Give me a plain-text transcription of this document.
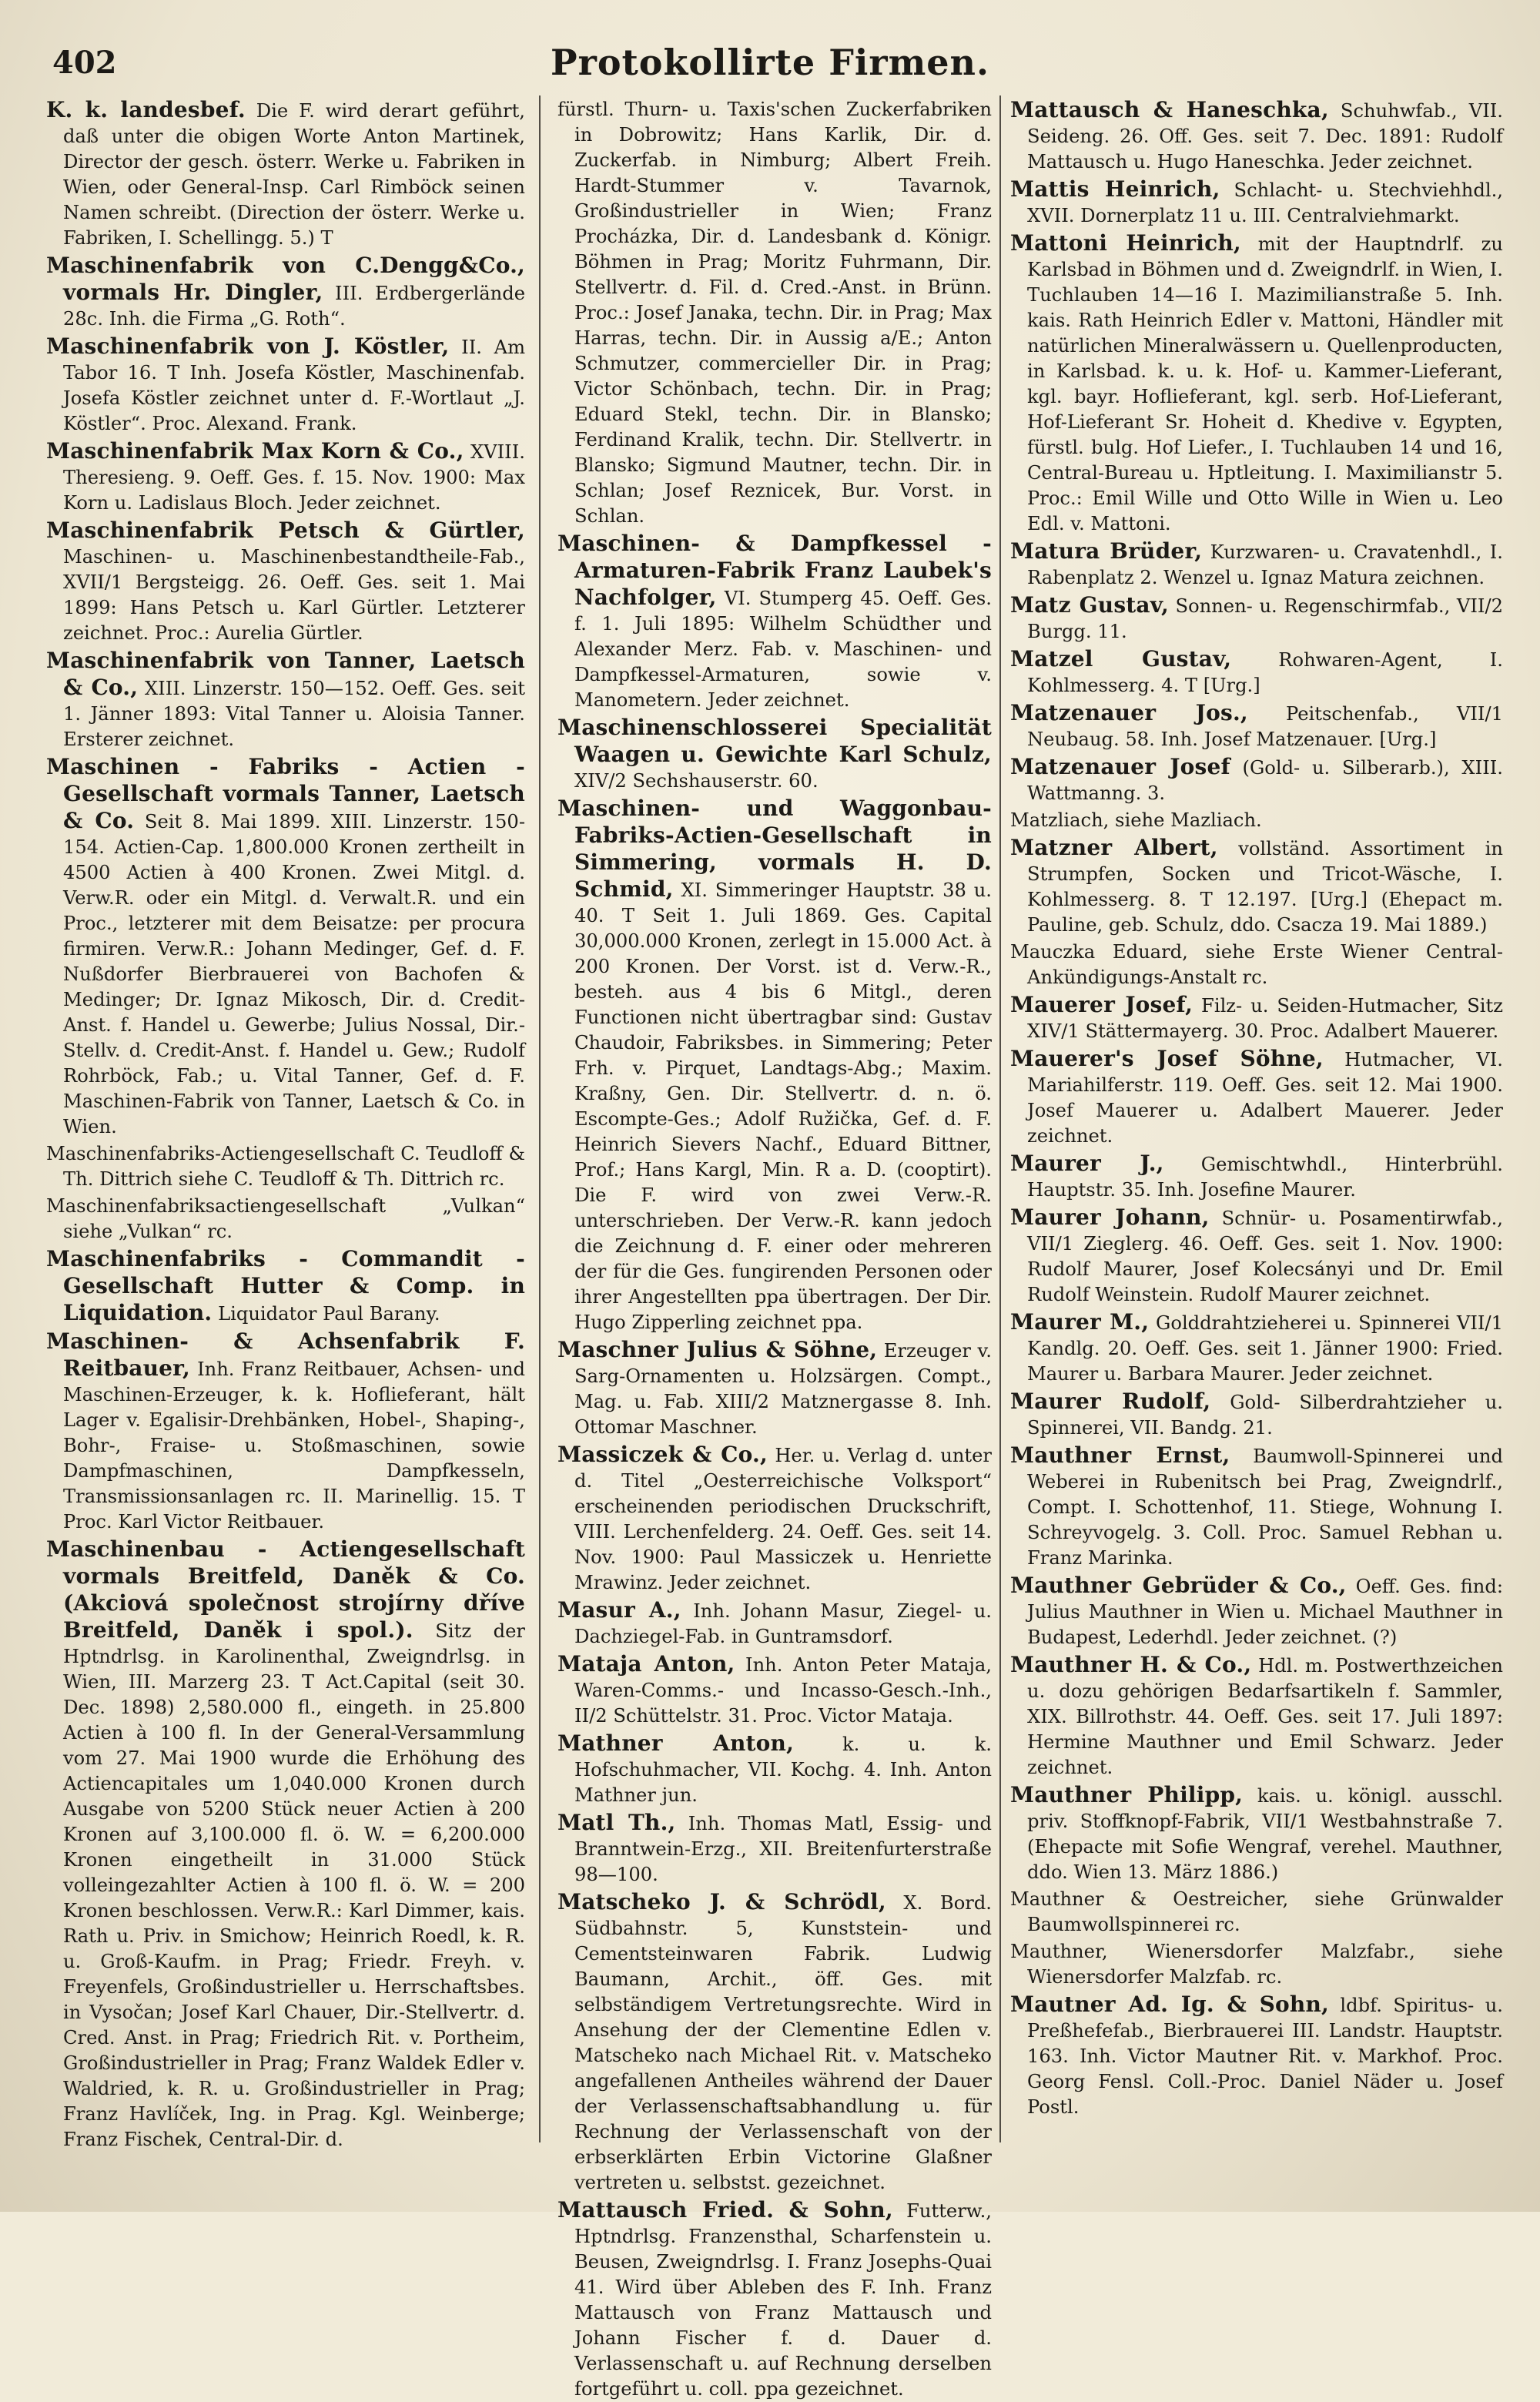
402	Protokollirte Firmen.

K. k. landesbef. Die F. wird derart geführt, daß unter die obigen Worte Anton Martinek, Director der gesch. österr. Werke u. Fabriken in Wien, oder General-Insp. Carl Rimböck seinen Namen schreibt. (Direction der österr. Werke u. Fabriken, I. Schellingg. 5.) T

Maschinenfabrik von C.Dengg&Co., vormals Hr. Dingler, III. Erdbergerlände 28c. Inh. die Firma „G. Roth“.

Maschinenfabrik von J. Köstler, II. Am Tabor 16. T Inh. Josefa Köstler, Maschinenfab. Josefa Köstler zeichnet unter d. F.-Wortlaut „J. Köstler“. Proc. Alexand. Frank.

Maschinenfabrik Max Korn & Co., XVIII. Theresieng. 9. Oeff. Ges. f. 15. Nov. 1900: Max Korn u. Ladislaus Bloch. Jeder zeichnet.

Maschinenfabrik Petsch & Gürtler, Maschinen- u. Maschinenbestandtheile-Fab., XVII/1 Bergsteigg. 26. Oeff. Ges. seit 1. Mai 1899: Hans Petsch u. Karl Gürtler. Letzterer zeichnet. Proc.: Aurelia Gürtler.

Maschinenfabrik von Tanner, Laetsch & Co., XIII. Linzerstr. 150—152. Oeff. Ges. seit 1. Jänner 1893: Vital Tanner u. Aloisia Tanner. Ersterer zeichnet.

Maschinen - Fabriks - Actien - Gesellschaft vormals Tanner, Laetsch & Co. Seit 8. Mai 1899. XIII. Linzerstr. 150-154. Actien-Cap. 1,800.000 Kronen zertheilt in 4500 Actien à 400 Kronen. Zwei Mitgl. d. Verw.R. oder ein Mitgl. d. Verwalt.R. und ein Proc., letzterer mit dem Beisatze: per procura firmiren. Verw.R.: Johann Medinger, Gef. d. F. Nußdorfer Bierbrauerei von Bachofen & Medinger; Dr. Ignaz Mikosch, Dir. d. Credit-Anst. f. Handel u. Gewerbe; Julius Nossal, Dir.-Stellv. d. Credit-Anst. f. Handel u. Gew.; Rudolf Rohrböck, Fab.; u. Vital Tanner, Gef. d. F. Maschinen-Fabrik von Tanner, Laetsch & Co. in Wien.

Maschinenfabriks-Actiengesellschaft C. Teudloff & Th. Dittrich siehe C. Teudloff & Th. Dittrich rc.

Maschinenfabriksactiengesellschaft „Vulkan“ siehe „Vulkan“ rc.

Maschinenfabriks - Commandit - Gesellschaft Hutter & Comp. in Liquidation. Liquidator Paul Barany.

Maschinen- & Achsenfabrik F. Reitbauer, Inh. Franz Reitbauer, Achsen- und Maschinen-Erzeuger, k. k. Hoflieferant, hält Lager v. Egalisir-Drehbänken, Hobel-, Shaping-, Bohr-, Fraise- u. Stoßmaschinen, sowie Dampfmaschinen, Dampfkesseln, Transmissionsanlagen rc. II. Marinellig. 15. T Proc. Karl Victor Reitbauer.

Maschinenbau - Actiengesellschaft vormals Breitfeld, Daněk & Co. (Akciová společnost strojírny dříve Breitfeld, Daněk i spol.). Sitz der Hptndrlsg. in Karolinenthal, Zweigndrlsg. in Wien, III. Marzerg 23. T Act.Capital (seit 30. Dec. 1898) 2,580.000 fl., eingeth. in 25.800 Actien à 100 fl. In der General-Versammlung vom 27. Mai 1900 wurde die Erhöhung des Actiencapitales um 1,040.000 Kronen durch Ausgabe von 5200 Stück neuer Actien à 200 Kronen auf 3,100.000 fl. ö. W. = 6,200.000 Kronen eingetheilt in 31.000 Stück volleingezahlter Actien à 100 fl. ö. W. = 200 Kronen beschlossen. Verw.R.: Karl Dimmer, kais. Rath u. Priv. in Smichow; Heinrich Roedl, k. R. u. Groß-Kaufm. in Prag; Friedr. Freyh. v. Freyenfels, Großindustrieller u. Herrschaftsbes. in Vysočan; Josef Karl Chauer, Dir.-Stellvertr. d. Cred. Anst. in Prag; Friedrich Rit. v. Portheim, Großindustrieller in Prag; Franz Waldek Edler v. Waldried, k. R. u. Großindustrieller in Prag; Franz Havlíček, Ing. in Prag. Kgl. Weinberge; Franz Fischek, Central-Dir. d.

fürstl. Thurn- u. Taxis'schen Zuckerfabriken in Dobrowitz; Hans Karlik, Dir. d. Zuckerfab. in Nimburg; Albert Freih. Hardt-Stummer v. Tavarnok, Großindustrieller in Wien; Franz Procházka, Dir. d. Landesbank d. Königr. Böhmen in Prag; Moritz Fuhrmann, Dir. Stellvertr. d. Fil. d. Cred.-Anst. in Brünn. Proc.: Josef Janaka, techn. Dir. in Prag; Max Harras, techn. Dir. in Aussig a/E.; Anton Schmutzer, commercieller Dir. in Prag; Victor Schönbach, techn. Dir. in Prag; Eduard Stekl, techn. Dir. in Blansko; Ferdinand Kralik, techn. Dir. Stellvertr. in Blansko; Sigmund Mautner, techn. Dir. in Schlan; Josef Reznicek, Bur. Vorst. in Schlan.

Maschinen- & Dampfkessel - Armaturen-Fabrik Franz Laubek's Nachfolger, VI. Stumperg 45. Oeff. Ges. f. 1. Juli 1895: Wilhelm Schüdther und Alexander Merz. Fab. v. Maschinen- und Dampfkessel-Armaturen, sowie v. Manometern. Jeder zeichnet.

Maschinenschlosserei Specialität Waagen u. Gewichte Karl Schulz, XIV/2 Sechshauserstr. 60.

Maschinen- und Waggonbau-Fabriks-Actien-Gesellschaft in Simmering, vormals H. D. Schmid, XI. Simmeringer Hauptstr. 38 u. 40. T Seit 1. Juli 1869. Ges. Capital 30,000.000 Kronen, zerlegt in 15.000 Act. à 200 Kronen. Der Vorst. ist d. Verw.-R., besteh. aus 4 bis 6 Mitgl., deren Functionen nicht übertragbar sind: Gustav Chaudoir, Fabriksbes. in Simmering; Peter Frh. v. Pirquet, Landtags-Abg.; Maxim. Kraßny, Gen. Dir. Stellvertr. d. n. ö. Escompte-Ges.; Adolf Ružička, Gef. d. F. Heinrich Sievers Nachf., Eduard Bittner, Prof.; Hans Kargl, Min. R a. D. (cooptirt). Die F. wird von zwei Verw.-R. unterschrieben. Der Verw.-R. kann jedoch die Zeichnung d. F. einer oder mehreren der für die Ges. fungirenden Personen oder ihrer Angestellten ppa übertragen. Der Dir. Hugo Zipperling zeichnet ppa.

Maschner Julius & Söhne, Erzeuger v. Sarg-Ornamenten u. Holzsärgen. Compt., Mag. u. Fab. XIII/2 Matznergasse 8. Inh. Ottomar Maschner.

Massiczek & Co., Her. u. Verlag d. unter d. Titel „Oesterreichische Volksport“ erscheinenden periodischen Druckschrift, VIII. Lerchenfelderg. 24. Oeff. Ges. seit 14. Nov. 1900: Paul Massiczek u. Henriette Mrawinz. Jeder zeichnet.

Masur A., Inh. Johann Masur, Ziegel- u. Dachziegel-Fab. in Guntramsdorf.

Mataja Anton, Inh. Anton Peter Mataja, Waren-Comms.- und Incasso-Gesch.-Inh., II/2 Schüttelstr. 31. Proc. Victor Mataja.

Mathner Anton, k. u. k. Hofschuhmacher, VII. Kochg. 4. Inh. Anton Mathner jun.

Matl Th., Inh. Thomas Matl, Essig- und Branntwein-Erzg., XII. Breitenfurterstraße 98—100.

Matscheko J. & Schrödl, X. Bord. Südbahnstr. 5, Kunststein- und Cementsteinwaren Fabrik. Ludwig Baumann, Archit., öff. Ges. mit selbständigem Vertretungsrechte. Wird in Ansehung der der Clementine Edlen v. Matscheko nach Michael Rit. v. Matscheko angefallenen Antheiles während der Dauer der Verlassenschaftsabhandlung u. für Rechnung der Verlassenschaft von der erbserklärten Erbin Victorine Glaßner vertreten u. selbstst. gezeichnet.

Mattausch Fried. & Sohn, Futterw., Hptndrlsg. Franzensthal, Scharfenstein u. Beusen, Zweigndrlsg. I. Franz Josephs-Quai 41. Wird über Ableben des F. Inh. Franz Mattausch von Franz Mattausch und Johann Fischer f. d. Dauer d. Verlassenschaft u. auf Rechnung derselben fortgeführt u. coll. ppa gezeichnet.

Mattausch & Haneschka, Schuhwfab., VII. Seideng. 26. Off. Ges. seit 7. Dec. 1891: Rudolf Mattausch u. Hugo Haneschka. Jeder zeichnet.

Mattis Heinrich, Schlacht- u. Stechviehhdl., XVII. Dornerplatz 11 u. III. Centralviehmarkt.

Mattoni Heinrich, mit der Hauptndrlf. zu Karlsbad in Böhmen und d. Zweigndrlf. in Wien, I. Tuchlauben 14—16 I. Mazimilianstraße 5. Inh. kais. Rath Heinrich Edler v. Mattoni, Händler mit natürlichen Mineralwässern u. Quellenproducten, in Karlsbad. k. u. k. Hof- u. Kammer-Lieferant, kgl. bayr. Hoflieferant, kgl. serb. Hof-Lieferant, Hof-Lieferant Sr. Hoheit d. Khedive v. Egypten, fürstl. bulg. Hof Liefer., I. Tuchlauben 14 und 16, Central-Bureau u. Hptleitung. I. Maximilianstr 5. Proc.: Emil Wille und Otto Wille in Wien u. Leo Edl. v. Mattoni.

Matura Brüder, Kurzwaren- u. Cravatenhdl., I. Rabenplatz 2. Wenzel u. Ignaz Matura zeichnen.

Matz Gustav, Sonnen- u. Regenschirmfab., VII/2 Burgg. 11.

Matzel Gustav, Rohwaren-Agent, I. Kohlmesserg. 4. T [Urg.]

Matzenauer Jos., Peitschenfab., VII/1 Neubaug. 58. Inh. Josef Matzenauer. [Urg.]

Matzenauer Josef (Gold- u. Silberarb.), XIII. Wattmanng. 3.

Matzliach, siehe Mazliach.

Matzner Albert, vollständ. Assortiment in Strumpfen, Socken und Tricot-Wäsche, I. Kohlmesserg. 8. T 12.197. [Urg.] (Ehepact m. Pauline, geb. Schulz, ddo. Csacza 19. Mai 1889.)

Mauczka Eduard, siehe Erste Wiener Central-Ankündigungs-Anstalt rc.

Mauerer Josef, Filz- u. Seiden-Hutmacher, Sitz XIV/1 Stättermayerg. 30. Proc. Adalbert Mauerer.

Mauerer's Josef Söhne, Hutmacher, VI. Mariahilferstr. 119. Oeff. Ges. seit 12. Mai 1900. Josef Mauerer u. Adalbert Mauerer. Jeder zeichnet.

Maurer J., Gemischtwhdl., Hinterbrühl. Hauptstr. 35. Inh. Josefine Maurer.

Maurer Johann, Schnür- u. Posamentirwfab., VII/1 Zieglerg. 46. Oeff. Ges. seit 1. Nov. 1900: Rudolf Maurer, Josef Kolecsányi und Dr. Emil Rudolf Weinstein. Rudolf Maurer zeichnet.

Maurer M., Golddrahtzieherei u. Spinnerei VII/1 Kandlg. 20. Oeff. Ges. seit 1. Jänner 1900: Fried. Maurer u. Barbara Maurer. Jeder zeichnet.

Maurer Rudolf, Gold- Silberdrahtzieher u. Spinnerei, VII. Bandg. 21.

Mauthner Ernst, Baumwoll-Spinnerei und Weberei in Rubenitsch bei Prag, Zweigndrlf., Compt. I. Schottenhof, 11. Stiege, Wohnung I. Schreyvogelg. 3. Coll. Proc. Samuel Rebhan u. Franz Marinka.

Mauthner Gebrüder & Co., Oeff. Ges. find: Julius Mauthner in Wien u. Michael Mauthner in Budapest, Lederhdl. Jeder zeichnet. (?)

Mauthner H. & Co., Hdl. m. Postwerthzeichen u. dozu gehörigen Bedarfsartikeln f. Sammler, XIX. Billrothstr. 44. Oeff. Ges. seit 17. Juli 1897: Hermine Mauthner und Emil Schwarz. Jeder zeichnet.

Mauthner Philipp, kais. u. königl. ausschl. priv. Stoffknopf-Fabrik, VII/1 Westbahnstraße 7. (Ehepacte mit Sofie Wengraf, verehel. Mauthner, ddo. Wien 13. März 1886.)

Mauthner & Oestreicher, siehe Grünwalder Baumwollspinnerei rc.

Mauthner, Wienersdorfer Malzfabr., siehe Wienersdorfer Malzfab. rc.

Mautner Ad. Ig. & Sohn, ldbf. Spiritus- u. Preßhefefab., Bierbrauerei III. Landstr. Hauptstr. 163. Inh. Victor Mautner Rit. v. Markhof. Proc. Georg Fensl. Coll.-Proc. Daniel Näder u. Josef Postl.
